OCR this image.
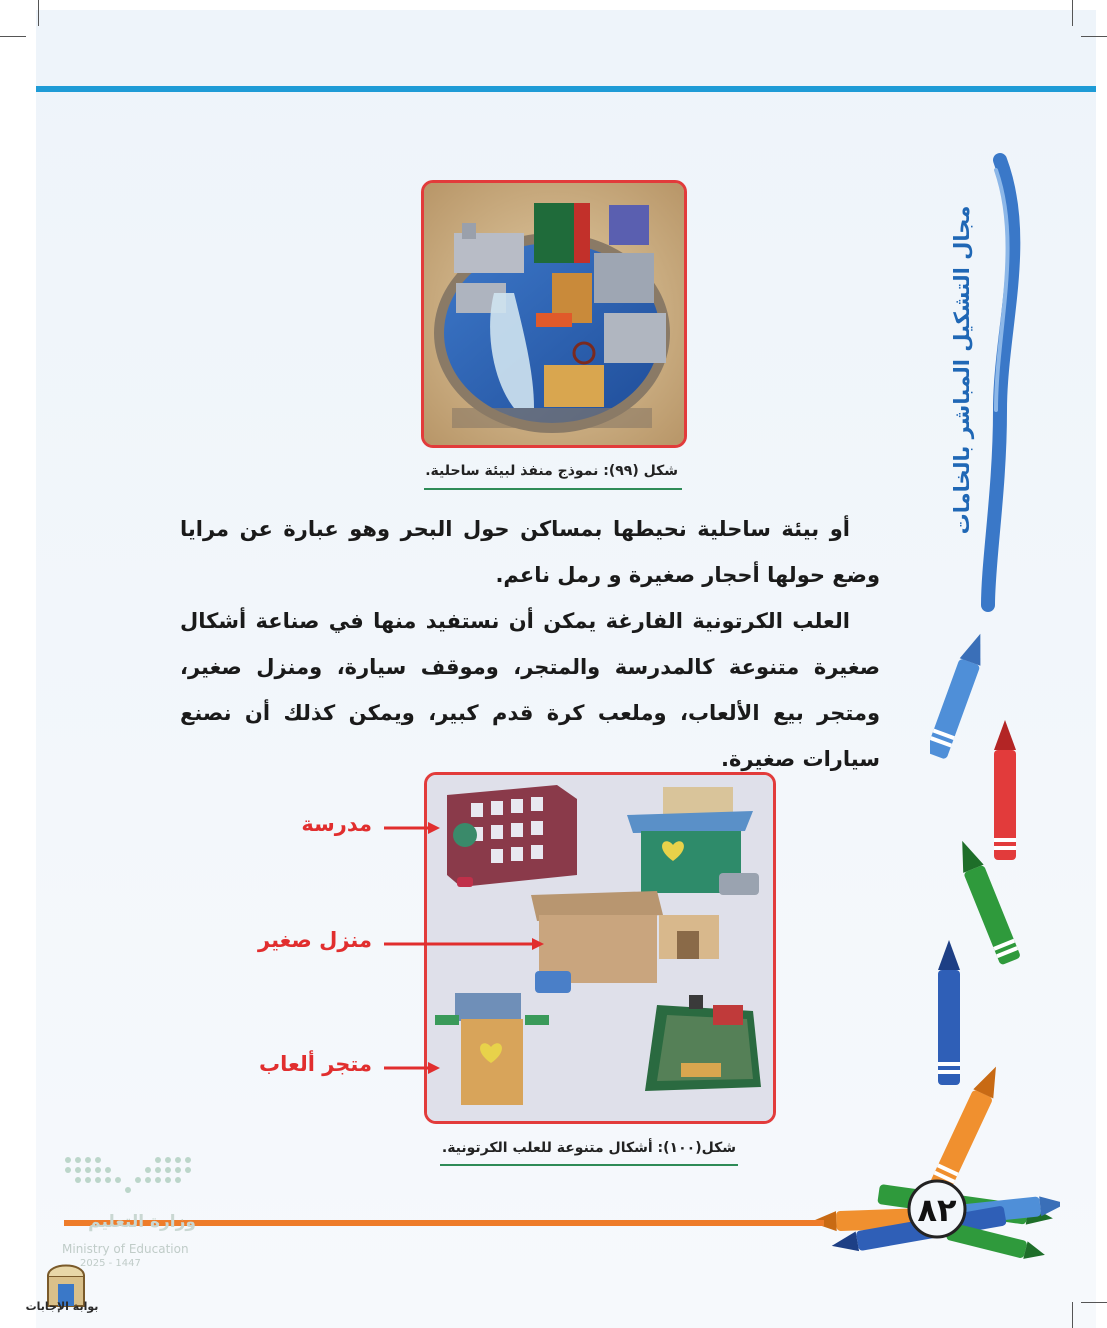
مجال التشكيل المباشر بالخامات
٨٢
شكل (٩٩): نموذج منفذ لبيئة ساحلية.

أو بيئة ساحلية نحيطها بمساكن حول البحر وهو عبارة عن مرايا وضع حولها أحجار صغيرة و رمل ناعم.

العلب الكرتونية الفارغة يمكن أن نستفيد منها في صناعة أشكال صغيرة متنوعة كالمدرسة والمتجر، وموقف سيارة، ومنزل صغير، ومتجر بيع الألعاب، وملعب كرة قدم كبير، ويمكن كذلك أن نصنع سيارات صغيرة.

شكل(١٠٠): أشكال متنوعة للعلب الكرتونية.
مدرسة
منزل صغير
متجر ألعاب
وزارة التعليم
Ministry of Education
2025 - 1447
بوابة الإجابات
